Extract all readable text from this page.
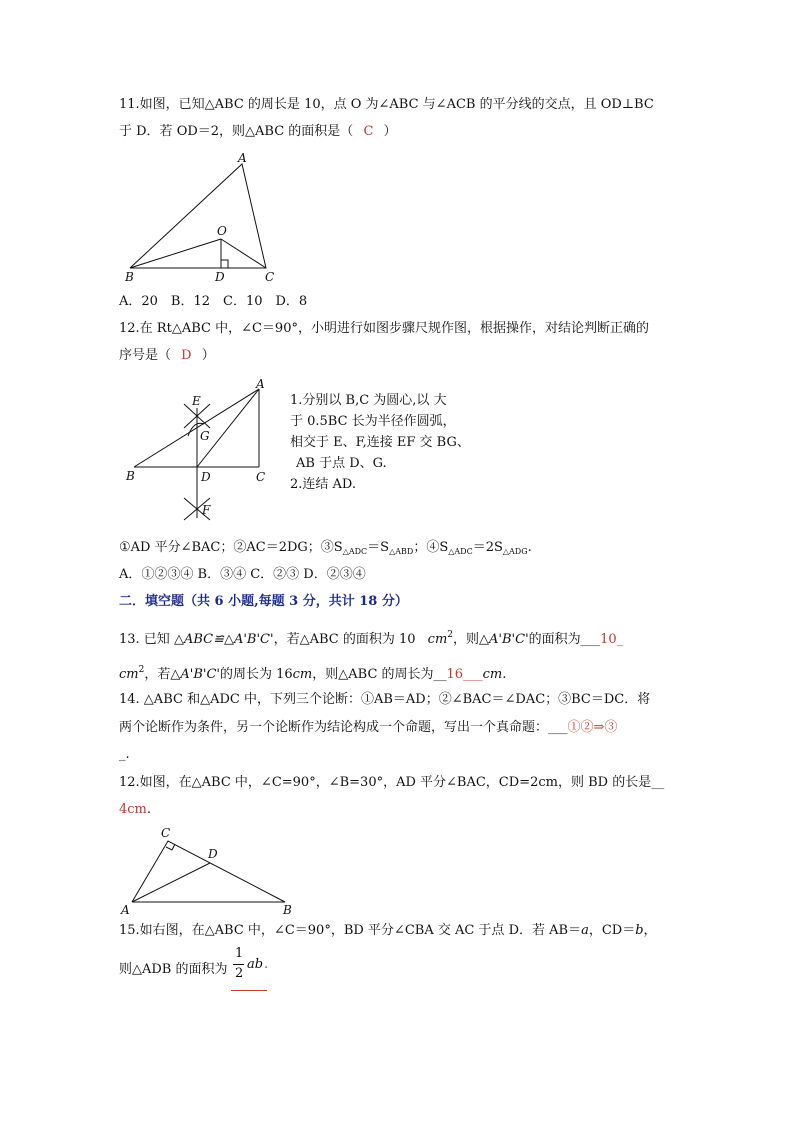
11.如图，已知△ABC 的周长是 10，点 O 为∠ABC 与∠ACB 的平分线的交点，且 OD⊥BC
于 D．若 OD＝2，则△ABC 的面积是（ C ）
A
B	C
O
D
A．20　B．12　C．10　D．8
12.在 Rt△ABC 中，∠C＝90°，小明进行如图步骤尺规作图，根据操作，对结论判断正确的
序号是（ D ）
E
G
A
B	D	C
F
1.分别以 B,C 为圆心,以 大
于 0.5BC 长为半径作圆弧，
相交于 E、F,连接 EF 交 BG、
AB 于点 D、G.
2.连结 AD.
①AD 平分∠BAC；②AC＝2DG；$③S_{\triangle ADC}=S_{\triangle ABD}$；$④S_{\triangle ADC}=2S_{\triangle ADG}$.
A．①②③④ B．③④ C．②③ D．②③④
二．填空题（共 6 小题,每题 3 分，共计 18 分）
13. 已知 △ABC≌△A'B'C'，若△ABC 的面积为 10 $cm^2$，则△A'B'C'的面积为___10_
$cm^2$，若△A'B'C'的周长为 16cm，则△ABC 的周长为__16___cm.
14. △ABC 和△ADC 中，下列三个论断：①AB＝AD；②∠BAC＝∠DAC；③BC＝DC．将
两个论断作为条件，另一个论断作为结论构成一个命题，写出一个真命题：___①②⇒③
_.
12.如图，在△ABC 中，∠C=90°，∠B=30°，AD 平分∠BAC，CD=2cm，则 BD 的长是__
4cm.
C
D
A	B
15.如右图，在△ABC 中，∠C＝90°，BD 平分∠CBA 交 AC 于点 D．若 AB＝a，CD＝b，
则△ADB 的面积为
1
2
ab .
